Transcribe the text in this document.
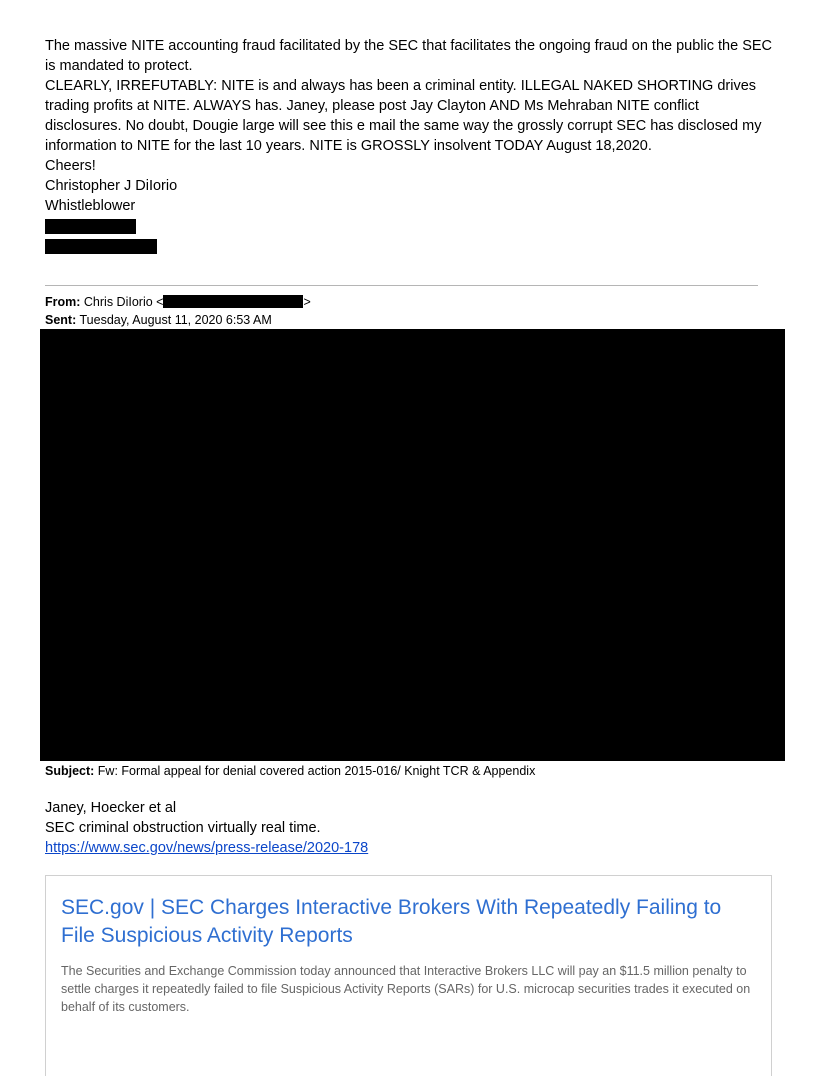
The massive NITE accounting fraud facilitated by the SEC that facilitates the ongoing fraud on the public the SEC is mandated to protect.

CLEARLY, IRREFUTABLY: NITE is and always has been a criminal entity. ILLEGAL NAKED SHORTING drives trading profits at NITE. ALWAYS has. Janey, please post Jay Clayton AND Ms Mehraban NITE conflict disclosures. No doubt, Dougie large will see this e mail the same way the grossly corrupt SEC has disclosed my information to NITE for the last 10 years. NITE is GROSSLY insolvent TODAY August 18,2020.

Cheers!

Christopher J DiIorio

Whistleblower

From: Chris DiIorio <	>
Sent: Tuesday, August 11, 2020 6:53 AM
Subject: Fw: Formal appeal for denial covered action 2015-016/ Knight TCR & Appendix

Janey, Hoecker et al

SEC criminal obstruction virtually real time.

https://www.sec.gov/news/press-release/2020-178

SEC.gov | SEC Charges Interactive Brokers With Repeatedly Failing to File Suspicious Activity Reports
The Securities and Exchange Commission today announced that Interactive Brokers LLC will pay an $11.5 million penalty to settle charges it repeatedly failed to file Suspicious Activity Reports (SARs) for U.S. microcap securities trades it executed on behalf of its customers.
